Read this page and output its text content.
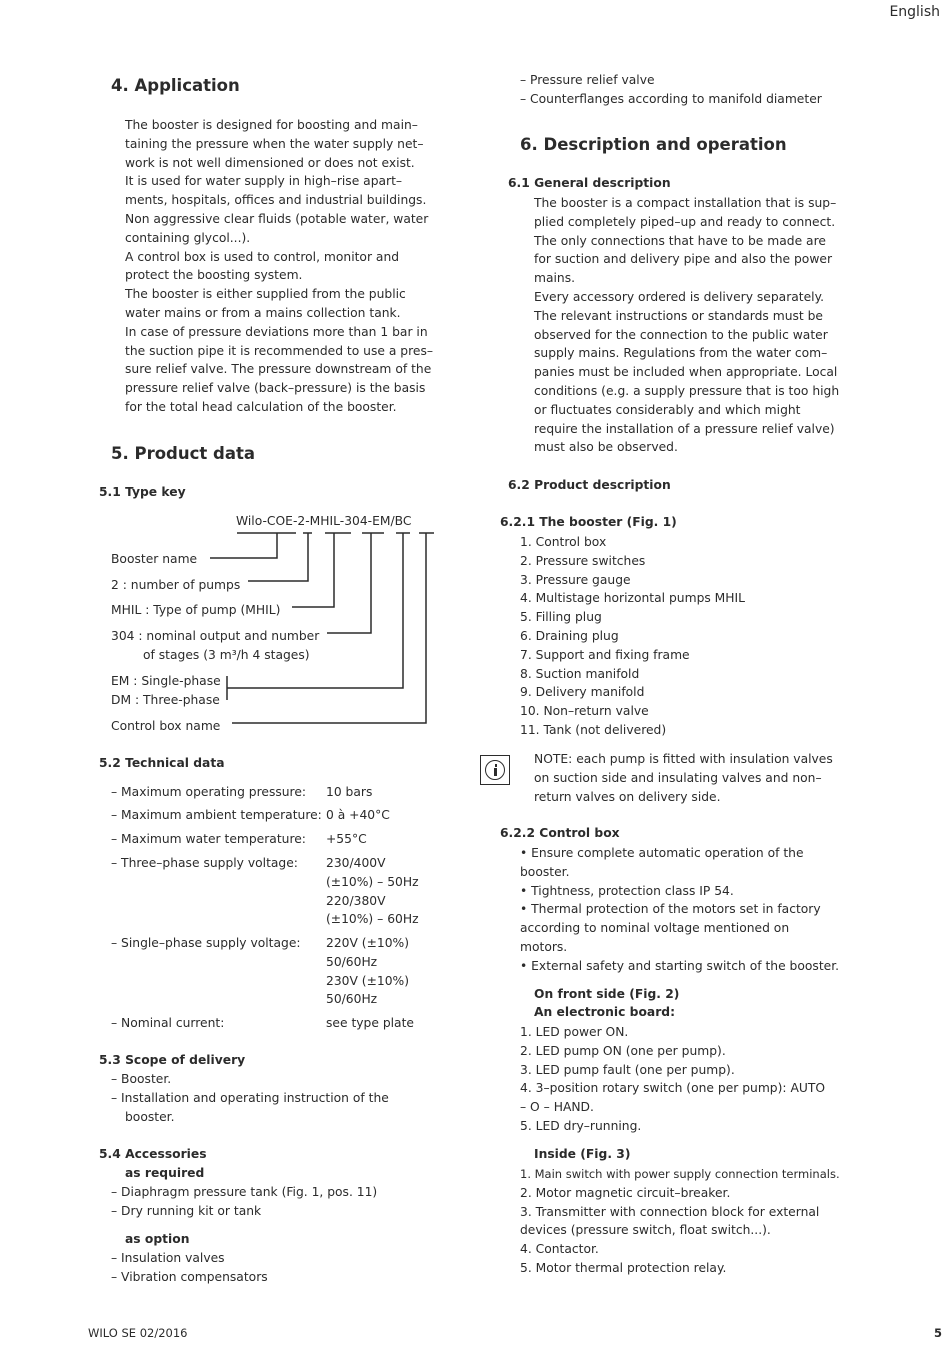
English
4. Application
The booster is designed for boosting and main–
taining the pressure when the water supply net–
work is not well dimensioned or does not exist.
It is used for water supply in high–rise apart–
ments, hospitals, offices and industrial buildings.
Non aggressive clear fluids (potable water, water
containing glycol...).
A control box is used to control, monitor and
protect the boosting system.
The booster is either supplied from the public
water mains or from a mains collection tank.
In case of pressure deviations more than 1 bar in
the suction pipe it is recommended to use a pres–
sure relief valve. The pressure downstream of the
pressure relief valve (back–pressure) is the basis
for the total head calculation of the booster.
5. Product data
5.1 Type key
Wilo-COE-2-MHIL-304-EM/BC
Booster name
2 : number of pumps
MHIL : Type of pump (MHIL)
304 : nominal output and number
of stages (3 m³/h 4 stages)
EM : Single-phase
DM : Three-phase
Control box name
5.2 Technical data
– Maximum operating pressure: 10 bars
– Maximum ambient temperature: 0 à +40°C
– Maximum water temperature: +55°C
– Three–phase supply voltage: 230/400V
(±10%) – 50Hz
220/380V
(±10%) – 60Hz
– Single–phase supply voltage: 220V (±10%)
50/60Hz
230V (±10%)
50/60Hz
– Nominal current:	see type plate
5.3 Scope of delivery
– Booster.
– Installation and operating instruction of the
booster.
5.4 Accessories
as required
– Diaphragm pressure tank (Fig. 1, pos. 11)
– Dry running kit or tank
as option
– Insulation valves
– Vibration compensators
WILO SE 02/2016
– Pressure relief valve
– Counterflanges according to manifold diameter
6. Description and operation
6.1 General description
The booster is a compact installation that is sup–
plied completely piped–up and ready to connect.
The only connections that have to be made are
for suction and delivery pipe and also the power
mains.
Every accessory ordered is delivery separately.
The relevant instructions or standards must be
observed for the connection to the public water
supply mains. Regulations from the water com–
panies must be included when appropriate. Local
conditions (e.g. a supply pressure that is too high
or fluctuates considerably and which might
require the installation of a pressure relief valve)
must also be observed.
6.2 Product description
6.2.1 The booster (Fig. 1)
1. Control box
2. Pressure switches
3. Pressure gauge
4. Multistage horizontal pumps MHIL
5. Filling plug
6. Draining plug
7. Support and fixing frame
8. Suction manifold
9. Delivery manifold
10. Non–return valve
11. Tank (not delivered)
NOTE: each pump is fitted with insulation valves
on suction side and insulating valves and non–
return valves on delivery side.
6.2.2 Control box
• Ensure complete automatic operation of the
booster.
• Tightness, protection class IP 54.
• Thermal protection of the motors set in factory
according to nominal voltage mentioned on
motors.
• External safety and starting switch of the booster.
On front side (Fig. 2)
An electronic board:
1. LED power ON.
2. LED pump ON (one per pump).
3. LED pump fault (one per pump).
4. 3–position rotary switch (one per pump): AUTO
– O – HAND.
5. LED dry–running.
Inside (Fig. 3)
1. Main switch with power supply connection terminals.
2. Motor magnetic circuit–breaker.
3. Transmitter with connection block for external
devices (pressure switch, float switch...).
4. Contactor.
5. Motor thermal protection relay.
5
